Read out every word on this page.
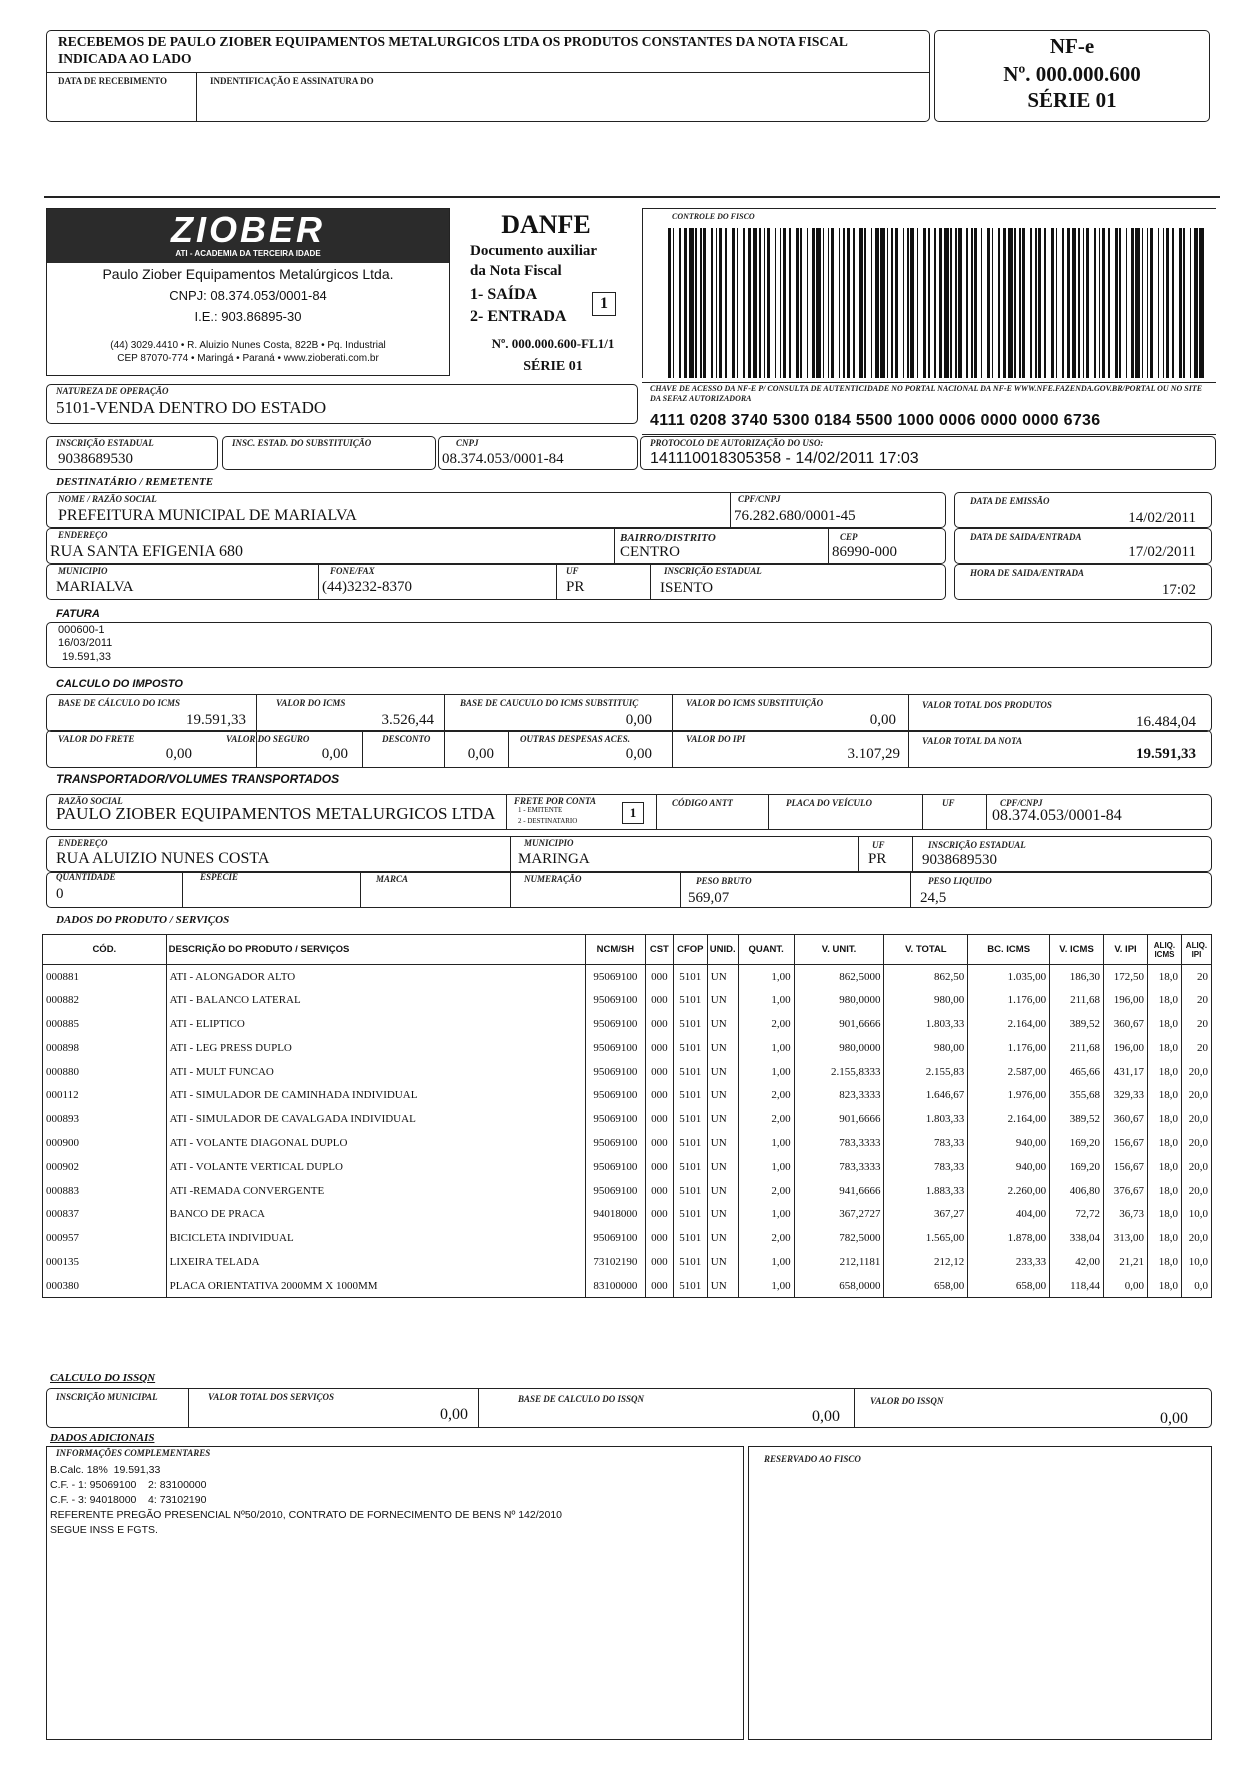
RECEBEMOS DE PAULO ZIOBER EQUIPAMENTOS METALURGICOS LTDA OS PRODUTOS CONSTANTES DA NOTA FISCAL INDICADA AO LADO
DATA DE RECEBIMENTO	INDENTIFICAÇÃO E ASSINATURA DO
NF-e
Nº. 000.000.600
SÉRIE 01
ZIOBER
ATI - ACADEMIA DA TERCEIRA IDADE
Paulo Ziober Equipamentos Metalúrgicos Ltda.
CNPJ: 08.374.053/0001-84
I.E.: 903.86895-30
(44) 3029.4410 • R. Aluizio Nunes Costa, 822B • Pq. Industrial
CEP 87070-774 • Maringá • Paraná • www.zioberati.com.br
DANFE
Documento auxiliar
da Nota Fiscal
1- SAÍDA
2- ENTRADA
1
Nº. 000.000.600-FL1/1
SÉRIE 01
CONTROLE DO FISCO
NATUREZA DE OPERAÇÃO
5101-VENDA DENTRO DO ESTADO
CHAVE DE ACESSO DA NF-E P/ CONSULTA DE AUTENTICIDADE NO PORTAL NACIONAL DA NF-E WWW.NFE.FAZENDA.GOV.BR/PORTAL OU NO SITE DA SEFAZ AUTORIZADORA
4111 0208 3740 5300 0184 5500 1000 0006 0000 0000 6736
INSCRIÇÃO ESTADUAL
9038689530
INSC. ESTAD. DO SUBSTITUIÇÃO	CNPJ
08.374.053/0001-84
PROTOCOLO DE AUTORIZAÇÃO DO USO:
141110018305358 - 14/02/2011 17:03
DESTINATÁRIO / REMETENTE
NOME / RAZÃO SOCIAL
PREFEITURA MUNICIPAL DE MARIALVA
CPF/CNPJ
76.282.680/0001-45
DATA DE EMISSÃO
14/02/2011
ENDEREÇO
RUA SANTA EFIGENIA 680
BAIRRO/DISTRITO
CENTRO
CEP
86990-000
DATA DE SAIDA/ENTRADA
17/02/2011
MUNICIPIO
MARIALVA
FONE/FAX
(44)3232-8370
UF
PR
INSCRIÇÃO ESTADUAL
ISENTO
HORA DE SAIDA/ENTRADA
17:02
FATURA
000600-1
16/03/2011
19.591,33
CALCULO DO IMPOSTO
BASE DE CÁLCULO DO ICMS
19.591,33
VALOR DO ICMS
3.526,44
BASE DE CAUCULO DO ICMS SUBSTITUIÇ
0,00
VALOR DO ICMS SUBSTITUIÇÃO
0,00
VALOR TOTAL DOS PRODUTOS
16.484,04
VALOR DO FRETE
0,00
VALOR DO SEGURO
0,00
DESCONTO
0,00
OUTRAS DESPESAS ACES.
0,00
VALOR DO IPI
3.107,29
VALOR TOTAL DA NOTA
19.591,33
TRANSPORTADOR/VOLUMES TRANSPORTADOS
RAZÃO SOCIAL
PAULO ZIOBER EQUIPAMENTOS METALURGICOS LTDA
FRETE POR CONTA
1 - EMITENTE
2 - DESTINATARIO
1
CÓDIGO ANTT	PLACA DO VEÍCULO	UF	CPF/CNPJ
08.374.053/0001-84
ENDEREÇO
RUA ALUIZIO NUNES COSTA
MUNICIPIO
MARINGA
UF
PR
INSCRIÇÃO ESTADUAL
9038689530
QUANTIDADE
0
ESPÉCIE	MARCA	NUMERAÇÃO	PESO BRUTO
569,07
PESO LIQUIDO
24,5
DADOS DO PRODUTO / SERVIÇOS
CÓD.	DESCRIÇÃO DO PRODUTO / SERVIÇOS	NCM/SH	CST	CFOP	UNID.	QUANT.	V. UNIT.	V. TOTAL	BC. ICMS	V. ICMS	V. IPI	ALIQ. ICMS	ALIQ. IPI
000881	ATI - ALONGADOR ALTO	95069100	000	5101	UN	1,00	862,5000	862,50	1.035,00	186,30	172,50	18,0	20
000882	ATI - BALANCO LATERAL	95069100	000	5101	UN	1,00	980,0000	980,00	1.176,00	211,68	196,00	18,0	20
000885	ATI - ELIPTICO	95069100	000	5101	UN	2,00	901,6666	1.803,33	2.164,00	389,52	360,67	18,0	20
000898	ATI - LEG PRESS DUPLO	95069100	000	5101	UN	1,00	980,0000	980,00	1.176,00	211,68	196,00	18,0	20
000880	ATI - MULT FUNCAO	95069100	000	5101	UN	1,00	2.155,8333	2.155,83	2.587,00	465,66	431,17	18,0	20,0
000112	ATI - SIMULADOR DE CAMINHADA INDIVIDUAL	95069100	000	5101	UN	2,00	823,3333	1.646,67	1.976,00	355,68	329,33	18,0	20,0
000893	ATI - SIMULADOR DE CAVALGADA INDIVIDUAL	95069100	000	5101	UN	2,00	901,6666	1.803,33	2.164,00	389,52	360,67	18,0	20,0
000900	ATI - VOLANTE DIAGONAL DUPLO	95069100	000	5101	UN	1,00	783,3333	783,33	940,00	169,20	156,67	18,0	20,0
000902	ATI - VOLANTE VERTICAL DUPLO	95069100	000	5101	UN	1,00	783,3333	783,33	940,00	169,20	156,67	18,0	20,0
000883	ATI -REMADA CONVERGENTE	95069100	000	5101	UN	2,00	941,6666	1.883,33	2.260,00	406,80	376,67	18,0	20,0
000837	BANCO DE PRACA	94018000	000	5101	UN	1,00	367,2727	367,27	404,00	72,72	36,73	18,0	10,0
000957	BICICLETA INDIVIDUAL	95069100	000	5101	UN	2,00	782,5000	1.565,00	1.878,00	338,04	313,00	18,0	20,0
000135	LIXEIRA TELADA	73102190	000	5101	UN	1,00	212,1181	212,12	233,33	42,00	21,21	18,0	10,0
000380	PLACA ORIENTATIVA 2000MM X 1000MM	83100000	000	5101	UN	1,00	658,0000	658,00	658,00	118,44	0,00	18,0	0,0
CALCULO DO ISSQN
INSCRIÇÃO MUNICIPAL	VALOR TOTAL DOS SERVIÇOS
0,00
BASE DE CALCULO DO ISSQN
0,00
VALOR DO ISSQN
0,00
DADOS ADICIONAIS
INFORMAÇÕES COMPLEMENTARES
B.Calc. 18%  19.591,33
C.F. - 1: 95069100    2: 83100000
C.F. - 3: 94018000    4: 73102190
REFERENTE PREGÃO PRESENCIAL Nº50/2010, CONTRATO DE FORNECIMENTO DE BENS Nº 142/2010
SEGUE INSS E FGTS.
RESERVADO AO FISCO
